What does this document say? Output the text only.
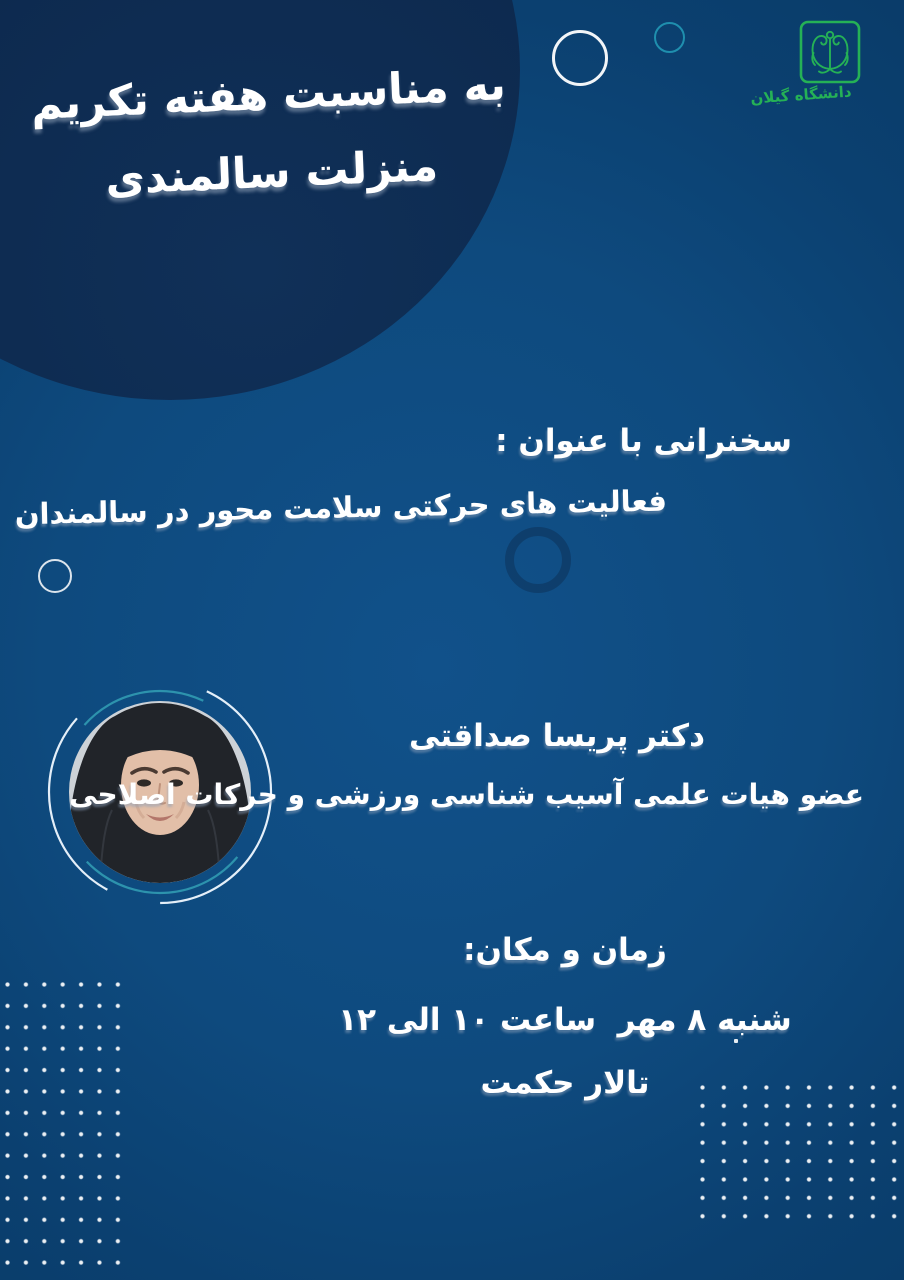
به مناسبت هفته تکریم
منزلت سالمندی
دانشگاه گیلان
سخنرانی با عنوان :
فعالیت های حرکتی سلامت محور در سالمندان
دکتر پریسا صداقتی
عضو هیات علمی آسیب شناسی ورزشی و حرکات اصلاحی
زمان و مکان:
شنبه ۸ مهر  ساعت ۱۰ الی ۱۲
تالار حکمت
